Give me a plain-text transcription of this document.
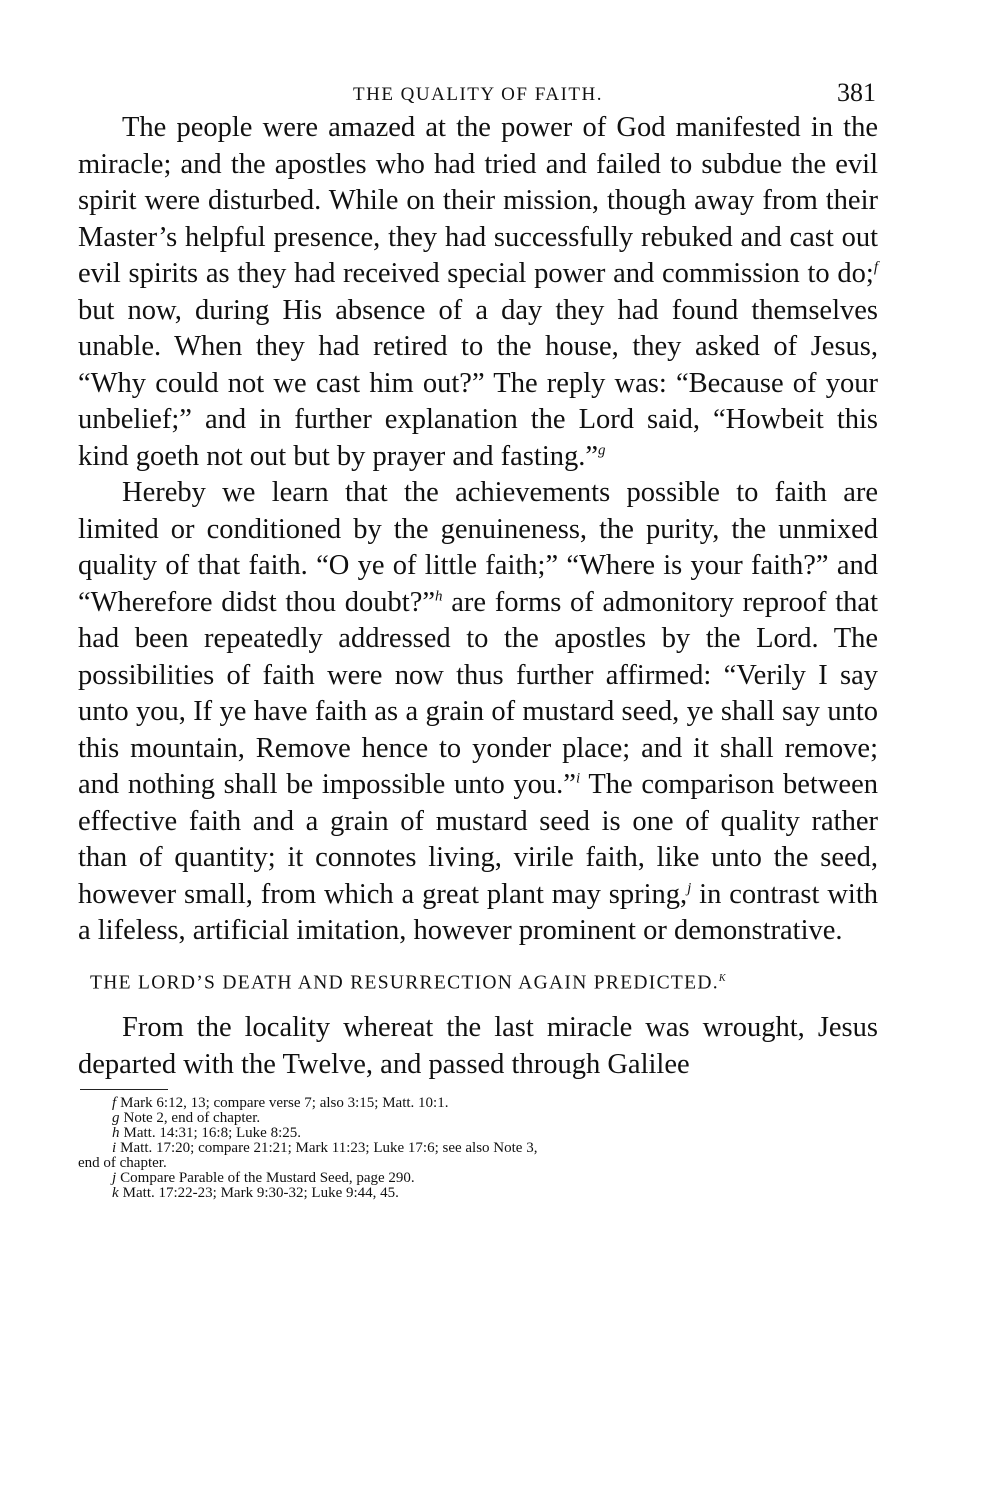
THE QUALITY OF FAITH.	381

The people were amazed at the power of God manifested in the miracle; and the apostles who had tried and failed to subdue the evil spirit were disturbed. While on their mission, though away from their Master’s helpful presence, they had successfully rebuked and cast out evil spirits as they had received special power and commission to do;$^f$ but now, during His absence of a day they had found themselves unable. When they had retired to the house, they asked of Jesus, “Why could not we cast him out?” The reply was: “Because of your unbelief;” and in further explanation the Lord said, “Howbeit this kind goeth not out but by prayer and fasting.”$^g$

Hereby we learn that the achievements possible to faith are limited or conditioned by the genuineness, the purity, the unmixed quality of that faith. “O ye of little faith;” “Where is your faith?” and “Wherefore didst thou doubt?”$^h$ are forms of admonitory reproof that had been repeatedly addressed to the apostles by the Lord. The possibilities of faith were now thus further affirmed: “Verily I say unto you, If ye have faith as a grain of mustard seed, ye shall say unto this mountain, Remove hence to yonder place; and it shall remove; and nothing shall be impossible unto you.”$^i$ The comparison between effective faith and a grain of mustard seed is one of quality rather than of quantity; it connotes living, virile faith, like unto the seed, however small, from which a great plant may spring,$^j$ in contrast with a lifeless, artificial imitation, however prominent or demonstrative.

THE LORD’S DEATH AND RESURRECTION AGAIN PREDICTED.$^k$

From the locality whereat the last miracle was wrought, Jesus departed with the Twelve, and passed through Galilee

f Mark 6:12, 13; compare verse 7; also 3:15; Matt. 10:1.
g Note 2, end of chapter.
h Matt. 14:31; 16:8; Luke 8:25.
i Matt. 17:20; compare 21:21; Mark 11:23; Luke 17:6; see also Note 3,
end of chapter.
j Compare Parable of the Mustard Seed, page 290.
k Matt. 17:22-23; Mark 9:30-32; Luke 9:44, 45.
